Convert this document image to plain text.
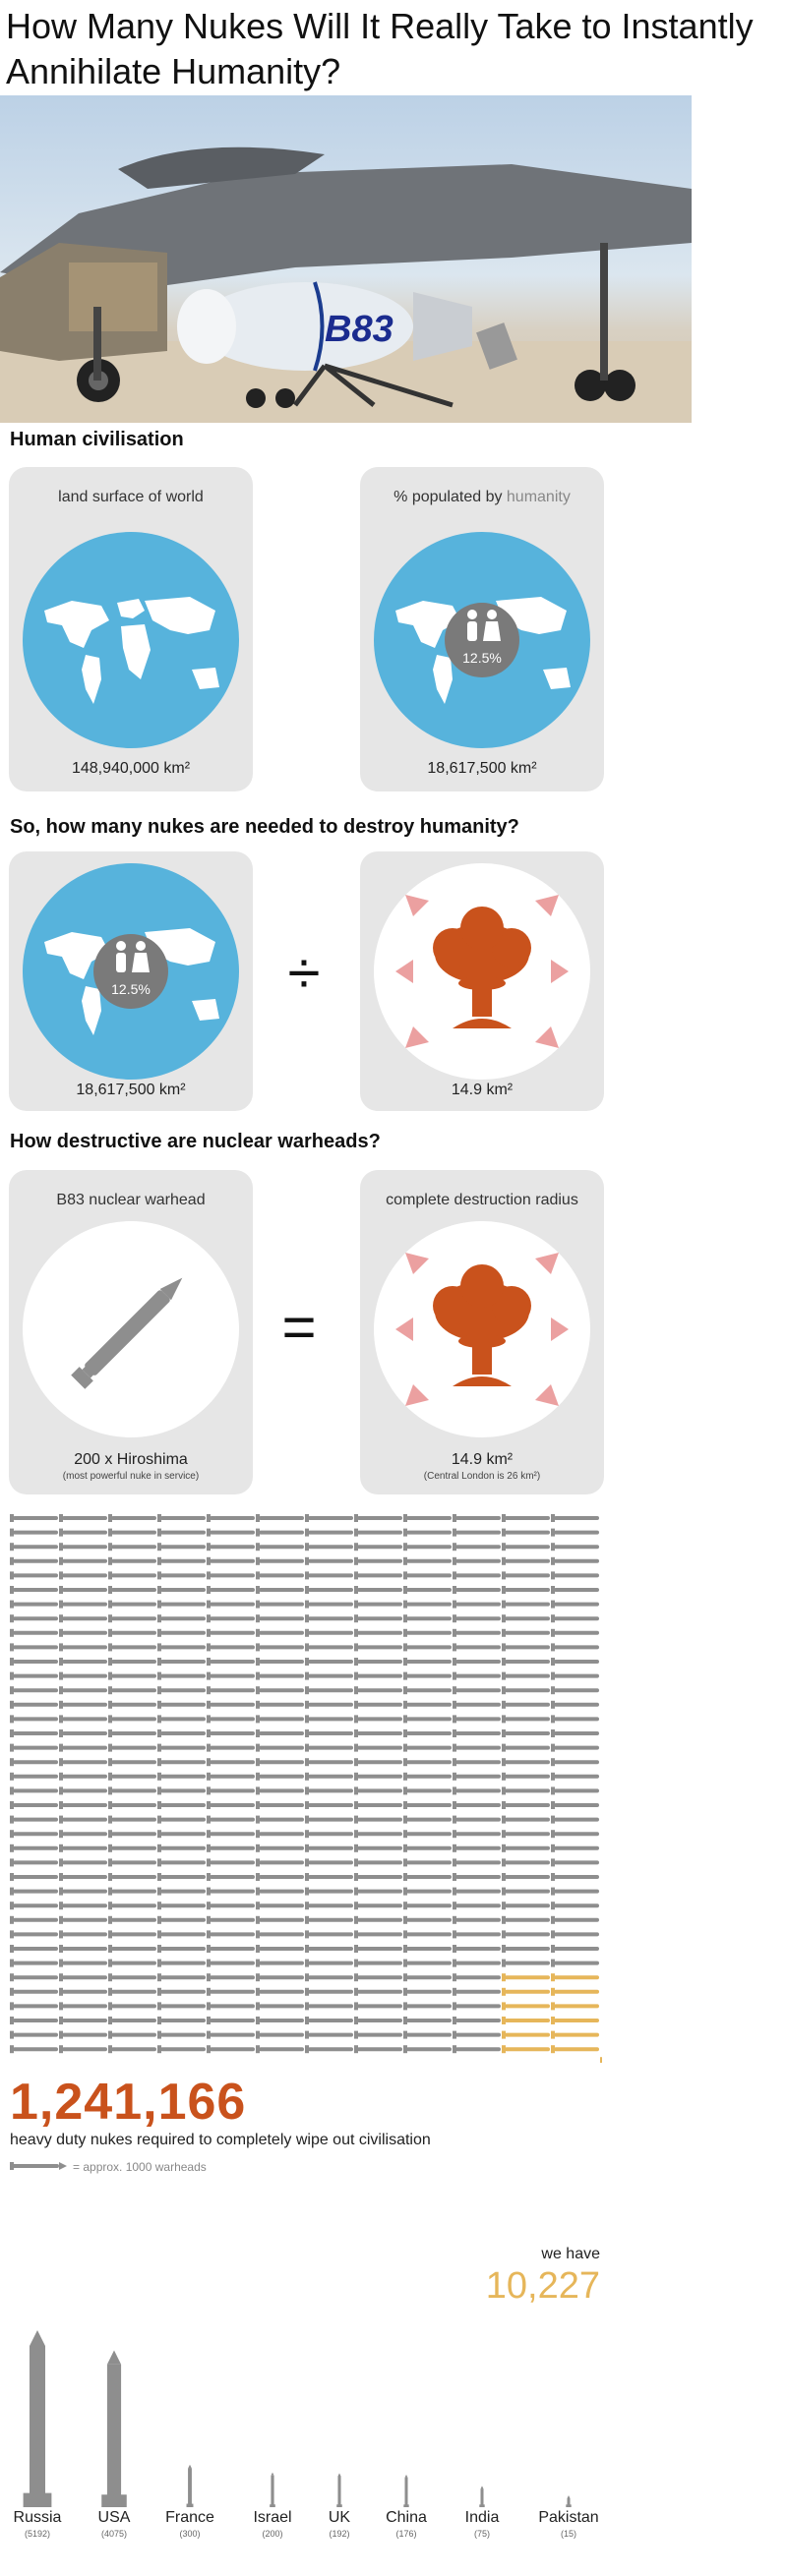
How Many Nukes Will It Really Take to Instantly Annihilate Humanity?
B83
Human civilisation
land surface of world
148,940,000 km²
% populated by humanity
12.5%
18,617,500 km²
So, how many nukes are needed to destroy humanity?
12.5%
18,617,500 km²
÷
14.9 km²
How destructive are nuclear warheads?
B83 nuclear warhead
200 x Hiroshima
(most powerful nuke in service)
=
complete destruction radius
14.9 km²
(Central London is 26 km²)
1,241,166
heavy duty nukes required to completely wipe out civilisation
= approx. 1000 warheads
we have
10,227
Russia
(5192)
USA
(4075)
France
(300)
Israel
(200)
UK
(192)
China
(176)
India
(75)
Pakistan
(15)
